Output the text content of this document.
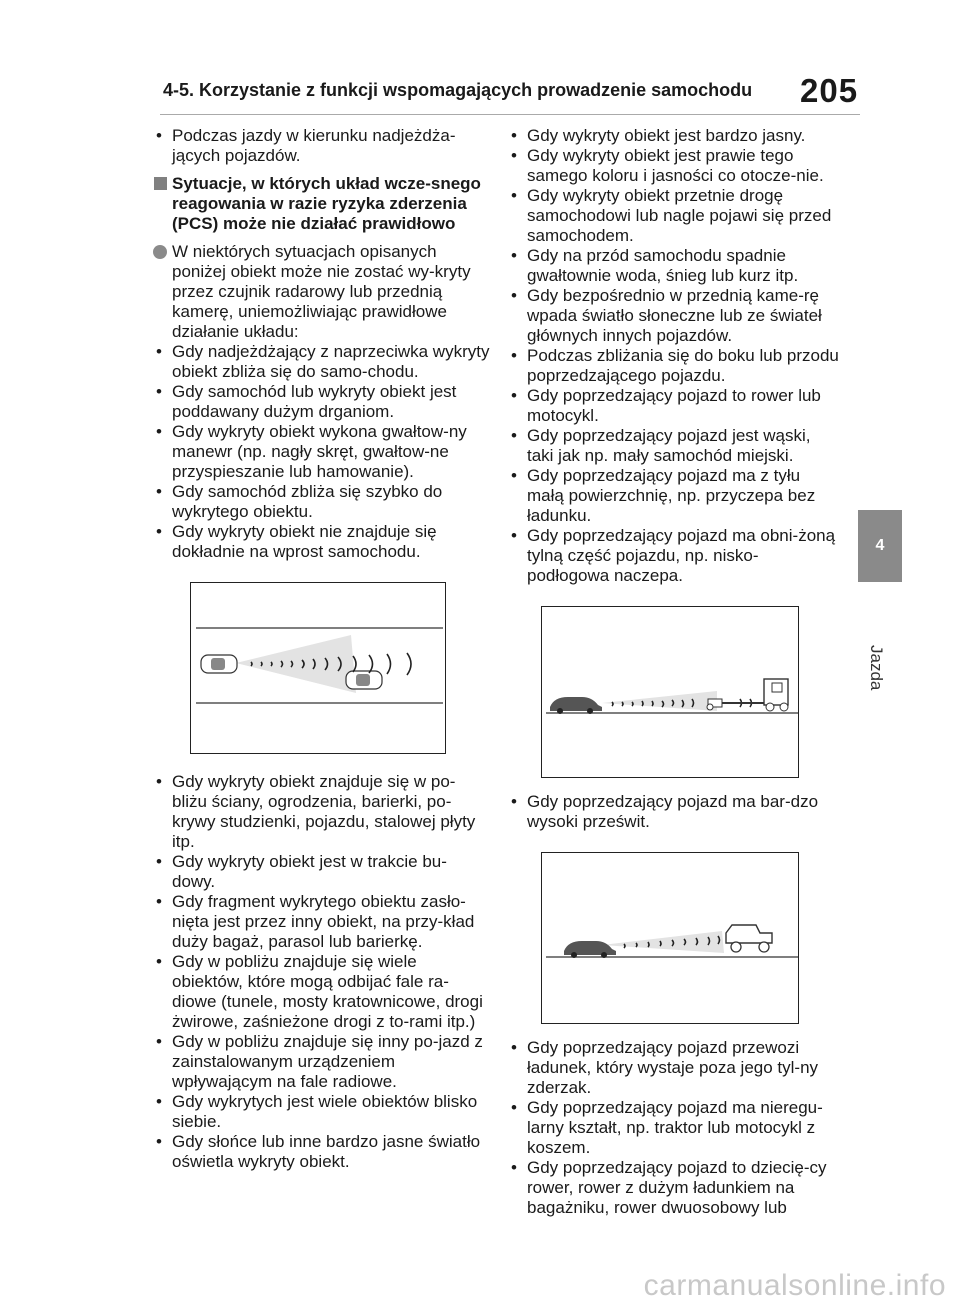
4-5. Korzystanie z funkcji wspomagających prowadzenie samochodu 205
4
Jazda
• Podczas jazdy w kierunku nadjeżdża-jących pojazdów.
Sytuacje, w których układ wcze-snego reagowania w razie ryzyka zderzenia (PCS) może nie działać prawidłowo
W niektórych sytuacjach opisanych poniżej obiekt może nie zostać wy-kryty przez czujnik radarowy lub przednią kamerę, uniemożliwiając prawidłowe działanie układu:
• Gdy nadjeżdżający z naprzeciwka wykryty obiekt zbliża się do samo-chodu.
• Gdy samochód lub wykryty obiekt jest poddawany dużym drganiom.
• Gdy wykryty obiekt wykona gwałtow-ny manewr (np. nagły skręt, gwałtow-ne przyspieszanie lub hamowanie).
• Gdy samochód zbliża się szybko do wykrytego obiektu.
• Gdy wykryty obiekt nie znajduje się dokładnie na wprost samochodu.
• Gdy wykryty obiekt znajduje się w po-bliżu ściany, ogrodzenia, barierki, po-krywy studzienki, pojazdu, stalowej płyty itp.
• Gdy wykryty obiekt jest w trakcie bu-dowy.
• Gdy fragment wykrytego obiektu zasło-nięta jest przez inny obiekt, na przy-kład duży bagaż, parasol lub barierkę.
• Gdy w pobliżu znajduje się wiele obiektów, które mogą odbijać fale ra-diowe (tunele, mosty kratownicowe, drogi żwirowe, zaśnieżone drogi z to-rami itp.)
• Gdy w pobliżu znajduje się inny po-jazd z zainstalowanym urządzeniem wpływającym na fale radiowe.
• Gdy wykrytych jest wiele obiektów blisko siebie.
• Gdy słońce lub inne bardzo jasne światło oświetla wykryty obiekt.
• Gdy wykryty obiekt jest bardzo jasny.
• Gdy wykryty obiekt jest prawie tego samego koloru i jasności co otocze-nie.
• Gdy wykryty obiekt przetnie drogę samochodowi lub nagle pojawi się przed samochodem.
• Gdy na przód samochodu spadnie gwałtownie woda, śnieg lub kurz itp.
• Gdy bezpośrednio w przednią kame-rę wpada światło słoneczne lub ze świateł głównych innych pojazdów.
• Podczas zbliżania się do boku lub przodu poprzedzającego pojazdu.
• Gdy poprzedzający pojazd to rower lub motocykl.
• Gdy poprzedzający pojazd jest wąski, taki jak np. mały samochód miejski.
• Gdy poprzedzający pojazd ma z tyłu małą powierzchnię, np. przyczepa bez ładunku.
• Gdy poprzedzający pojazd ma obni-żoną tylną część pojazdu, np. nisko-podłogowa naczepa.
• Gdy poprzedzający pojazd ma bar-dzo wysoki prześwit.
• Gdy poprzedzający pojazd przewozi ładunek, który wystaje poza jego tyl-ny zderzak.
• Gdy poprzedzający pojazd ma nieregu-larny kształt, np. traktor lub motocykl z koszem.
• Gdy poprzedzający pojazd to dziecię-cy rower, rower z dużym ładunkiem na bagażniku, rower dwuosobowy lub
carmanualsonline.info
